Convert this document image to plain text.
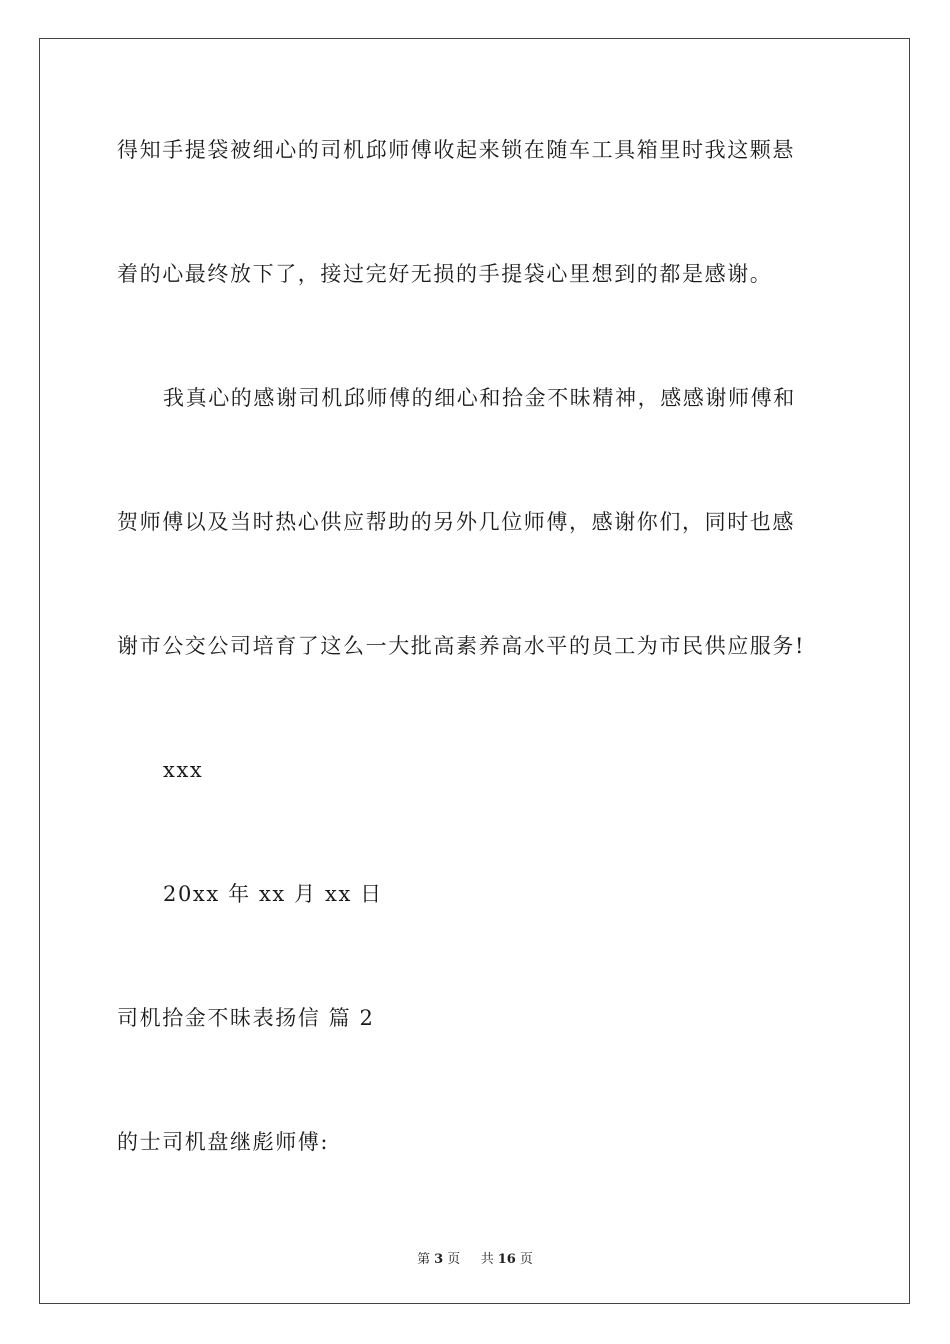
得知手提袋被细心的司机邱师傅收起来锁在随车工具箱里时我这颗悬
着的心最终放下了，接过完好无损的手提袋心里想到的都是感谢。
我真心的感谢司机邱师傅的细心和拾金不昧精神，感感谢师傅和
贺师傅以及当时热心供应帮助的另外几位师傅，感谢你们，同时也感
谢市公交公司培育了这么一大批高素养高水平的员工为市民供应服务!
xxx
20xx 年 xx 月 xx 日
司机拾金不昧表扬信 篇 2
的士司机盘继彪师傅:
第 3 页 共 16 页
